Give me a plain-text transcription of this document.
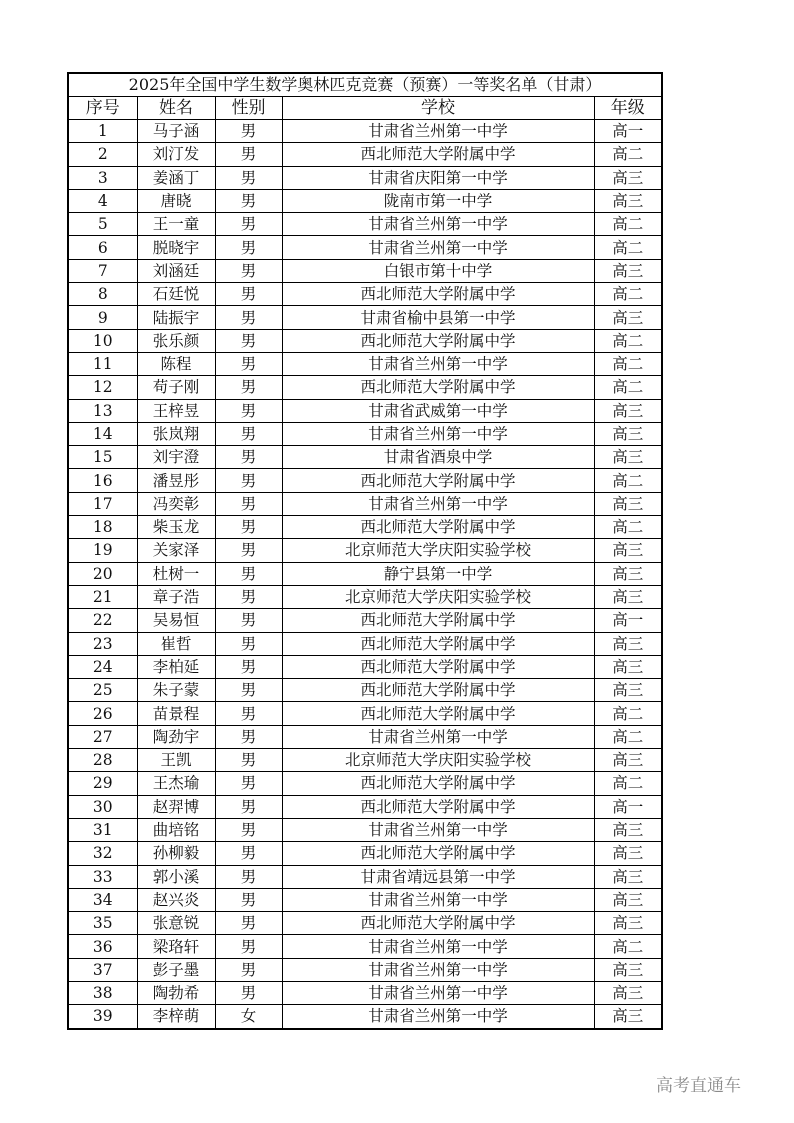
2025年全国中学生数学奥林匹克竞赛（预赛）一等奖名单（甘肃）				
序号	姓名	性别	学校	年级
1	马子涵	男	甘肃省兰州第一中学	高一
2	刘汀发	男	西北师范大学附属中学	高二
3	姜涵丁	男	甘肃省庆阳第一中学	高三
4	唐晓	男	陇南市第一中学	高三
5	王一童	男	甘肃省兰州第一中学	高二
6	脱晓宇	男	甘肃省兰州第一中学	高二
7	刘涵廷	男	白银市第十中学	高三
8	石廷悦	男	西北师范大学附属中学	高二
9	陆振宇	男	甘肃省榆中县第一中学	高三
10	张乐颜	男	西北师范大学附属中学	高二
11	陈程	男	甘肃省兰州第一中学	高二
12	苟子刚	男	西北师范大学附属中学	高二
13	王梓昱	男	甘肃省武威第一中学	高三
14	张岚翔	男	甘肃省兰州第一中学	高三
15	刘宇澄	男	甘肃省酒泉中学	高三
16	潘昱彤	男	西北师范大学附属中学	高二
17	冯奕彰	男	甘肃省兰州第一中学	高三
18	柴玉龙	男	西北师范大学附属中学	高二
19	关家泽	男	北京师范大学庆阳实验学校	高三
20	杜树一	男	静宁县第一中学	高三
21	章子浩	男	北京师范大学庆阳实验学校	高三
22	吴易恒	男	西北师范大学附属中学	高一
23	崔哲	男	西北师范大学附属中学	高三
24	李柏延	男	西北师范大学附属中学	高三
25	朱子蒙	男	西北师范大学附属中学	高三
26	苗景程	男	西北师范大学附属中学	高二
27	陶劲宇	男	甘肃省兰州第一中学	高二
28	王凯	男	北京师范大学庆阳实验学校	高三
29	王杰瑜	男	西北师范大学附属中学	高二
30	赵羿博	男	西北师范大学附属中学	高一
31	曲培铭	男	甘肃省兰州第一中学	高三
32	孙柳毅	男	西北师范大学附属中学	高三
33	郭小溪	男	甘肃省靖远县第一中学	高三
34	赵兴炎	男	甘肃省兰州第一中学	高三
35	张意锐	男	西北师范大学附属中学	高三
36	梁珞轩	男	甘肃省兰州第一中学	高二
37	彭子墨	男	甘肃省兰州第一中学	高三
38	陶勃希	男	甘肃省兰州第一中学	高三
39	李梓萌	女	甘肃省兰州第一中学	高三
高考直通车
